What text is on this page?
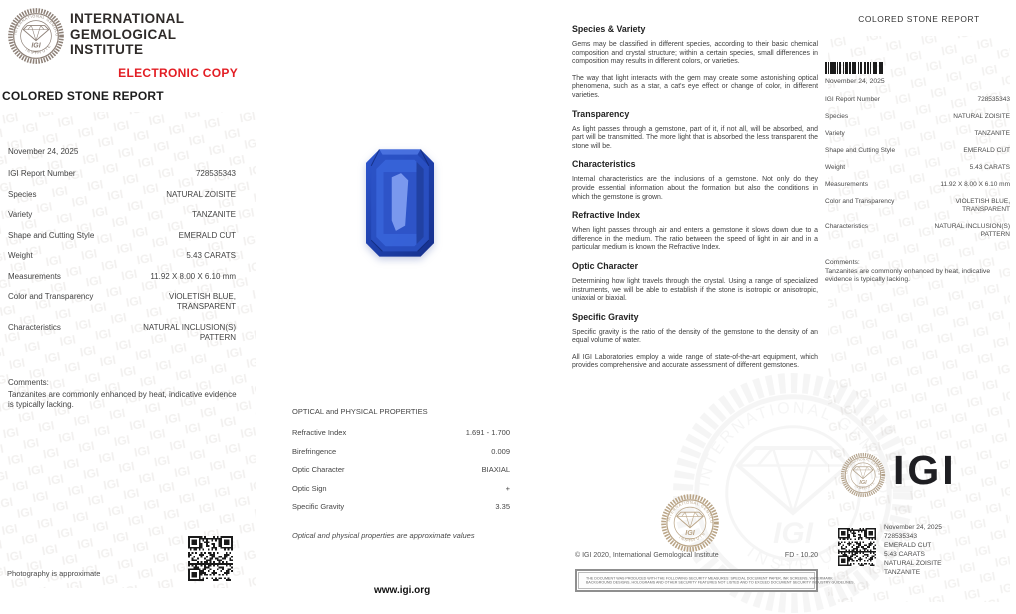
INTERNATIONAL
GEMOLOGICAL
INSTITUTE
ELECTRONIC COPY
COLORED STONE REPORT
November 24, 2025
IGI Report Number	728535343
Species	NATURAL ZOISITE
Variety	TANZANITE
Shape and Cutting Style	EMERALD CUT
Weight	5.43 CARATS
Measurements	11.92 X 8.00 X 6.10 mm
Color and Transparency	VIOLETISH BLUE, TRANSPARENT
Characteristics	NATURAL INCLUSION(S) PATTERN
Comments:
Tanzanites are commonly enhanced by heat, indicative evidence is typically lacking.
Photography is approximate
OPTICAL and PHYSICAL PROPERTIES
Refractive Index	1.691 - 1.700
Birefringence	0.009
Optic Character	BIAXIAL
Optic Sign	+
Specific Gravity	3.35
Optical and physical properties are approximate values
www.igi.org
Species & Variety

Gems may be classified in different species, according to their basic chemical composition and crystal structure; within a certain species, small differences in composition may results in different colors, or varieties.

The way that light interacts with the gem may create some astonishing optical phenomena, such as a star, a cat's eye effect or change of color, in different varieties.

Transparency

As light passes through a gemstone, part of it, if not all, will be absorbed, and part will be transmitted. The more light that is absorbed the less transparent the stone will be.

Characteristics

Internal characteristics are the inclusions of a gemstone. Not only do they provide essential information about the formation but also the conditions in which the gemstone is grown.

Refractive Index

When light passes through air and enters a gemstone it slows down due to a difference in the medium. The ratio between the speed of light in air and in a particular medium is known the Refractive Index.

Optic Character

Determining how light travels through the crystal. Using a range of specialized instruments, we will be able to establish if the stone is isotropic or anisotropic, uniaxial or biaxial.

Specific Gravity

Specific gravity is the ratio of the density of the gemstone to the density of an equal volume of water.

All IGI Laboratories employ a wide range of state-of-the-art equipment, which provides comprehensive and accurate assessment of different gemstones.

© IGI 2020, International Gemological Institute	FD - 10.20
THE DOCUMENT WAS PRODUCED WITH THE FOLLOWING SECURITY MEASURES: SPECIAL DOCUMENT PAPER, INK SCREENS, WATERMARK
BACKGROUND DESIGNS, HOLOGRAMS AND OTHER SECURITY FEATURES NOT LISTED AND TO EXCEED DOCUMENT SECURITY INDUSTRY GUIDELINES.
COLORED STONE REPORT
November 24, 2025
IGI Report Number	728535343
Species	NATURAL ZOISITE
Variety	TANZANITE
Shape and Cutting Style	EMERALD CUT
Weight	5.43 CARATS
Measurements	11.92 X 8.00 X 6.10 mm
Color and Transparency	VIOLETISH BLUE, TRANSPARENT
Characteristics	NATURAL INCLUSION(S) PATTERN
Comments:
Tanzanites are commonly enhanced by heat, indicative evidence is typically lacking.
IGI
November 24, 2025
728535343
EMERALD CUT
5.43 CARATS
NATURAL ZOISITE
TANZANITE
